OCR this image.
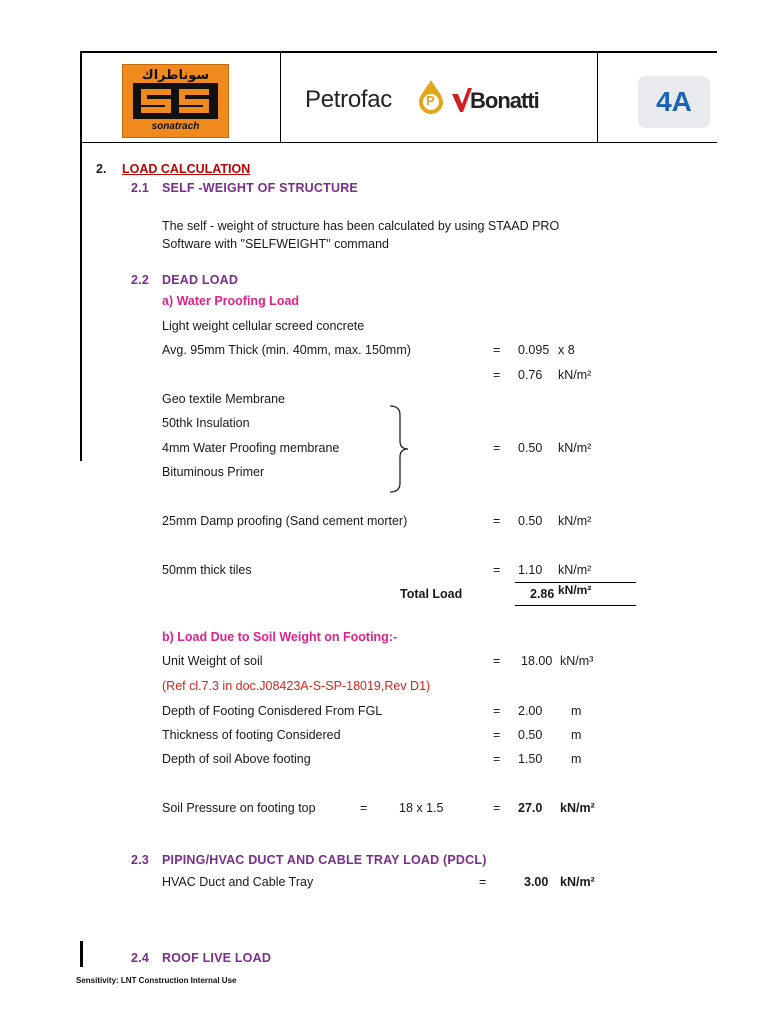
سوناطراك
sonatrach
Petrofac	P Bonatti	4A
2. LOAD CALCULATION
2.1 SELF -WEIGHT OF STRUCTURE
The self - weight of structure has been calculated by using STAAD PRO
Software with "SELFWEIGHT" command
2.2 DEAD LOAD
a) Water Proofing Load
Light weight cellular screed concrete
Avg. 95mm Thick (min. 40mm, max. 150mm)	= 0.095 x 8
= 0.76 kN/m²
Geo textile Membrane
50thk Insulation
4mm Water Proofing membrane	= 0.50 kN/m²
Bituminous Primer
25mm Damp proofing (Sand cement morter)	= 0.50 kN/m²
50mm thick tiles	= 1.10 kN/m²
Total Load	2.86 kN/m²
b) Load Due to Soil Weight on Footing:-
Unit Weight of soil	= 18.00 kN/m³
(Ref cl.7.3 in doc.J08423A-S-SP-18019,Rev D1)
Depth of Footing Conisdered From FGL	= 2.00 m
Thickness of footing Considered	= 0.50 m
Depth of soil Above footing	= 1.50 m
Soil Pressure on footing top	=	18 x 1.5	= 27.0 kN/m²
2.3 PIPING/HVAC DUCT AND CABLE TRAY LOAD (PDCL)
HVAC Duct and Cable Tray	=	3.00 kN/m²
2.4 ROOF LIVE LOAD
Sensitivity: LNT Construction Internal Use
